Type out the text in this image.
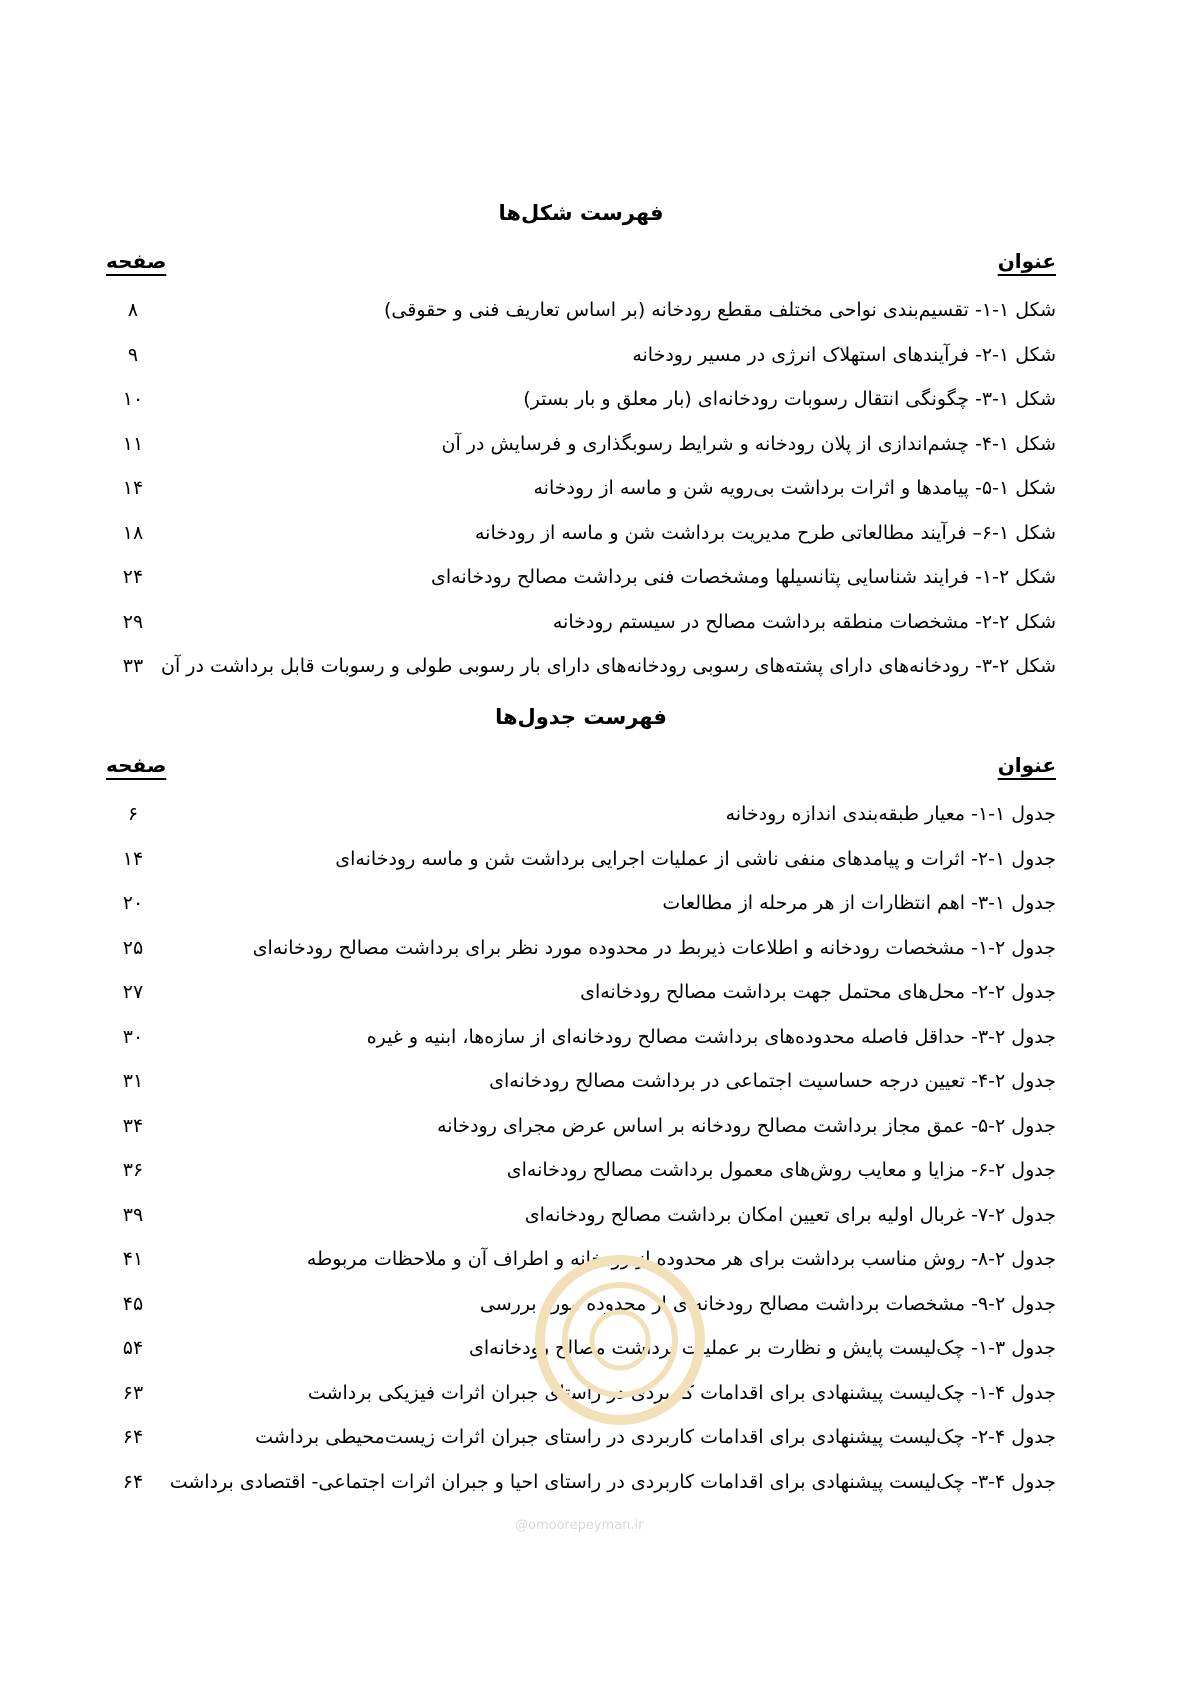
فهرست شکل‌ها
عنوان
صفحه
شکل ۱-۱- تقسیم‌بندی نواحی مختلف مقطع رودخانه (بر اساس تعاریف فنی و حقوقی)
۸
شکل ۱-۲- فرآیندهای استهلاک انرژی در مسیر رودخانه
۹
شکل ۱-۳- چگونگی انتقال رسوبات رودخانه‌ای (بار معلق و بار بستر)
۱۰
شکل ۱-۴- چشم‌اندازی از پلان رودخانه و شرایط رسوبگذاری و فرسایش در آن
۱۱
شکل ۱-۵- پیامدها و اثرات برداشت بی‌رویه شن و ماسه از رودخانه
۱۴
شکل ۱-۶– فرآیند مطالعاتی طرح مدیریت برداشت شن و ماسه از رودخانه
۱۸
شکل ۲-۱- فرایند شناسایی پتانسیلها ومشخصات فنی برداشت مصالح رودخانه‌ای
۲۴
شکل ۲-۲- مشخصات منطقه برداشت مصالح در سیستم رودخانه
۲۹
شکل ۲-۳- رودخانه‌های دارای پشته‌های رسوبی رودخانه‌های دارای بار رسوبی طولی و رسوبات قابل برداشت در آن
۳۳
فهرست جدول‌ها
عنوان
صفحه
جدول ۱-۱- معیار طبقه‌بندی اندازه رودخانه
۶
جدول ۱-۲- اثرات و پیامدهای منفی ناشی از عملیات اجرایی برداشت شن و ماسه رودخانه‌ای
۱۴
جدول ۱-۳- اهم انتظارات از هر مرحله از مطالعات
۲۰
جدول ۲-۱- مشخصات رودخانه و اطلاعات ذیربط در محدوده مورد نظر برای برداشت مصالح رودخانه‌ای
۲۵
جدول ۲-۲- محل‌های محتمل جهت برداشت مصالح رودخانه‌ای
۲۷
جدول ۲-۳- حداقل فاصله محدوده‌های برداشت مصالح رودخانه‌ای از سازه‌ها، ابنیه و غیره
۳۰
جدول ۲-۴- تعیین درجه حساسیت اجتماعی در برداشت مصالح رودخانه‌ای
۳۱
جدول ۲-۵- عمق مجاز برداشت مصالح رودخانه بر اساس عرض مجرای رودخانه
۳۴
جدول ۲-۶- مزایا و معایب روش‌های معمول برداشت مصالح رودخانه‌ای
۳۶
جدول ۲-۷- غربال اولیه برای تعیین امکان برداشت مصالح رودخانه‌ای
۳۹
جدول ۲-۸- روش مناسب برداشت برای هر محدوده از رودخانه و اطراف آن و ملاحظات مربوطه
۴۱
جدول ۲-۹- مشخصات برداشت مصالح رودخانه‌ای از محدوده مورد بررسی
۴۵
جدول ۳-۱- چک‌لیست پایش و نظارت بر عملیات برداشت مصالح رودخانه‌ای
۵۴
جدول ۴-۱- چک‌لیست پیشنهادی برای اقدامات کاربردی در راستای جبران اثرات فیزیکی برداشت
۶۳
جدول ۴-۲- چک‌لیست پیشنهادی برای اقدامات کاربردی در راستای جبران اثرات زیست‌محیطی برداشت
۶۴
جدول ۴-۳- چک‌لیست پیشنهادی برای اقدامات کاربردی در راستای احیا و جبران اثرات اجتماعی- اقتصادی برداشت
۶۴
@omoorepeyman.ir
